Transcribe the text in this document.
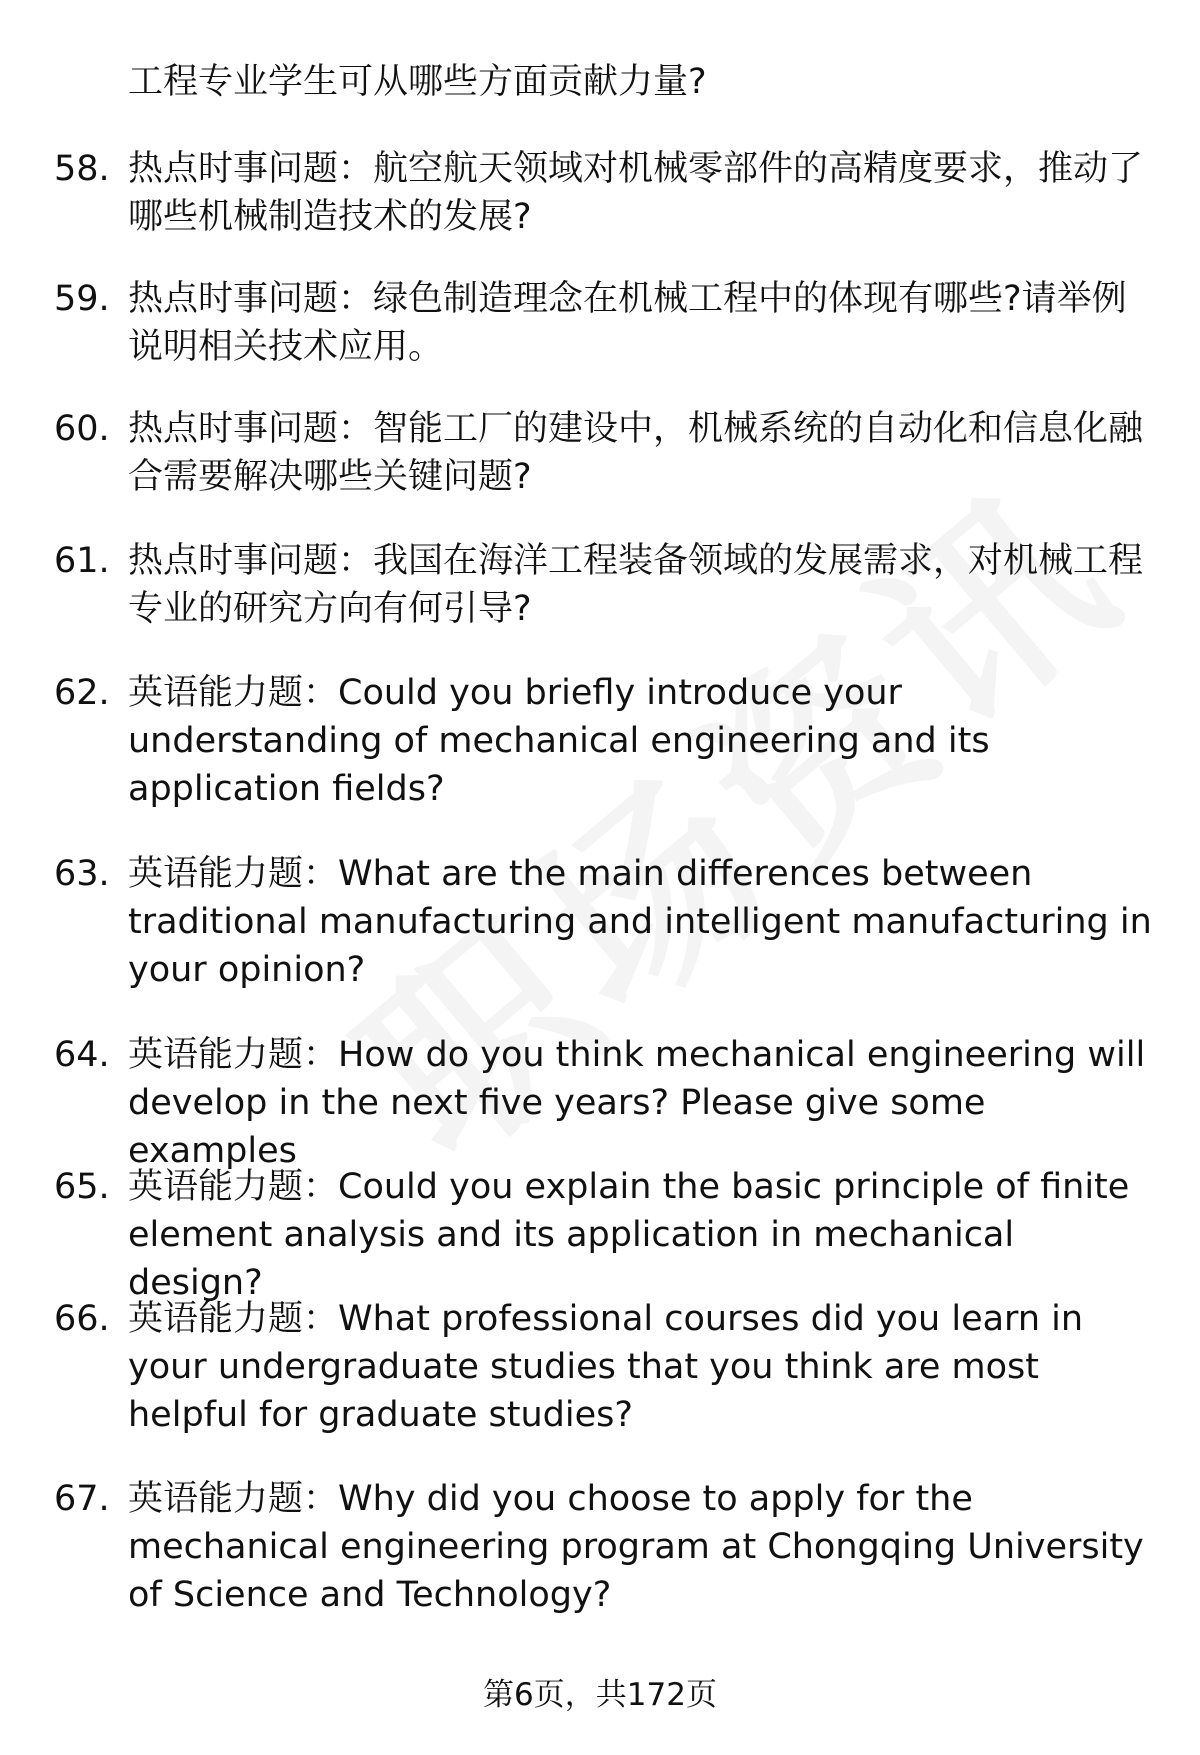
工程专业学生可从哪些方面贡献力量?
58. 热点时事问题：航空航天领域对机械零部件的高精度要求，推动了哪些机械制造技术的发展?
59. 热点时事问题：绿色制造理念在机械工程中的体现有哪些?请举例说明相关技术应用。
60. 热点时事问题：智能工厂的建设中，机械系统的自动化和信息化融合需要解决哪些关键问题?
61. 热点时事问题：我国在海洋工程装备领域的发展需求，对机械工程专业的研究方向有何引导?
62. 英语能力题：Could you briefly introduce your understanding of mechanical engineering and its application fields?
63. 英语能力题：What are the main differences between traditional manufacturing and intelligent manufacturing in your opinion?
64. 英语能力题：How do you think mechanical engineering will develop in the next five years? Please give some examples
65. 英语能力题：Could you explain the basic principle of finite element analysis and its application in mechanical design?
66. 英语能力题：What professional courses did you learn in your undergraduate studies that you think are most helpful for graduate studies?
67. 英语能力题：Why did you choose to apply for the mechanical engineering program at Chongqing University of Science and Technology?
第6页，共172页
